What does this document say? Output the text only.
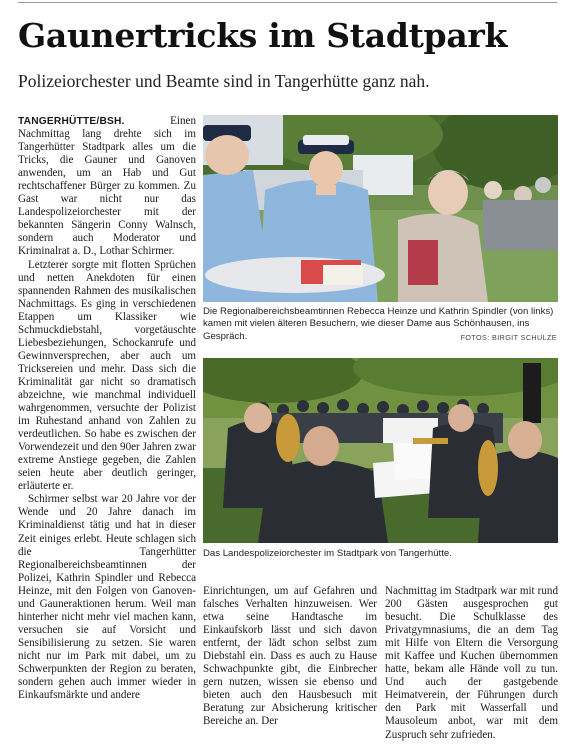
Gaunertricks im Stadtpark
Polizeiorchester und Beamte sind in Tangerhütte ganz nah.

TANGERHÜTTE/BSH. Einen Nachmittag lang drehte sich im Tangerhütter Stadtpark alles um die Tricks, die Gauner und Ganoven anwenden, um an Hab und Gut rechtschaffener Bürger zu kommen. Zu Gast war nicht nur das Landespolizeiorchester mit der bekannten Sängerin Conny Walnsch, sondern auch Moderator und Kriminalrat a. D., Lothar Schirmer.

Letzterer sorgte mit flotten Sprüchen und netten Anekdoten für einen spannenden Rahmen des musikalischen Nachmittags. Es ging in verschiedenen Etappen um Klassiker wie Schmuckdiebstahl, vorgetäuschte Liebesbeziehungen, Schockanrufe und Gewinnversprechen, aber auch um Tricksereien und mehr. Dass sich die Kriminalität gar nicht so dramatisch abzeichne, wie manchmal individuell wahrgenommen, versuchte der Polizist im Ruhestand anhand von Zahlen zu verdeutlichen. So habe es zwischen der Vorwendezeit und den 90er Jahren zwar extreme Anstiege gegeben, die Zahlen seien heute aber deutlich geringer, erläuterte er.

Schirmer selbst war 20 Jahre vor der Wende und 20 Jahre danach im Kriminaldienst tätig und hat in dieser Zeit einiges erlebt. Heute schlagen sich die Tangerhütter Regionalbereichsbeamtinnen der Polizei, Kathrin Spindler und Rebecca Heinze, mit den Folgen von Ganoven- und Gauneraktionen herum. Weil man hinterher nicht mehr viel machen kann, versuchen sie auf Vorsicht und Sensibilisierung zu setzen. Sie waren nicht nur im Park mit dabei, um zu Schwerpunkten der Region zu beraten, sondern gehen auch immer wieder in Einkaufsmärkte und andere

Die Regionalbereichsbeamtinnen Rebecca Heinze und Kathrin Spindler (von links) kamen mit vielen älteren Besuchern, wie dieser Dame aus Schönhausen, ins Gespräch.	FOTOS: BIRGIT SCHULZE
Das Landespolizeiorchester im Stadtpark von Tangerhütte.

Einrichtungen, um auf Gefahren und falsches Verhalten hinzuweisen. Wer etwa seine Handtasche im Einkaufskorb lässt und sich davon entfernt, der lädt schon selbst zum Diebstahl ein. Dass es auch zu Hause Schwachpunkte gibt, die Einbrecher gern nutzen, wissen sie ebenso und bieten auch den Hausbesuch mit Beratung zur Absicherung kritischer Bereiche an. Der

Nachmittag im Stadtpark war mit rund 200 Gästen ausgesprochen gut besucht. Die Schulklasse des Privatgymnasiums, die an dem Tag mit Hilfe von Eltern die Versorgung mit Kaffee und Kuchen übernommen hatte, bekam alle Hände voll zu tun. Und auch der gastgebende Heimatverein, der Führungen durch den Park mit Wasserfall und Mausoleum anbot, war mit dem Zuspruch sehr zufrieden.
